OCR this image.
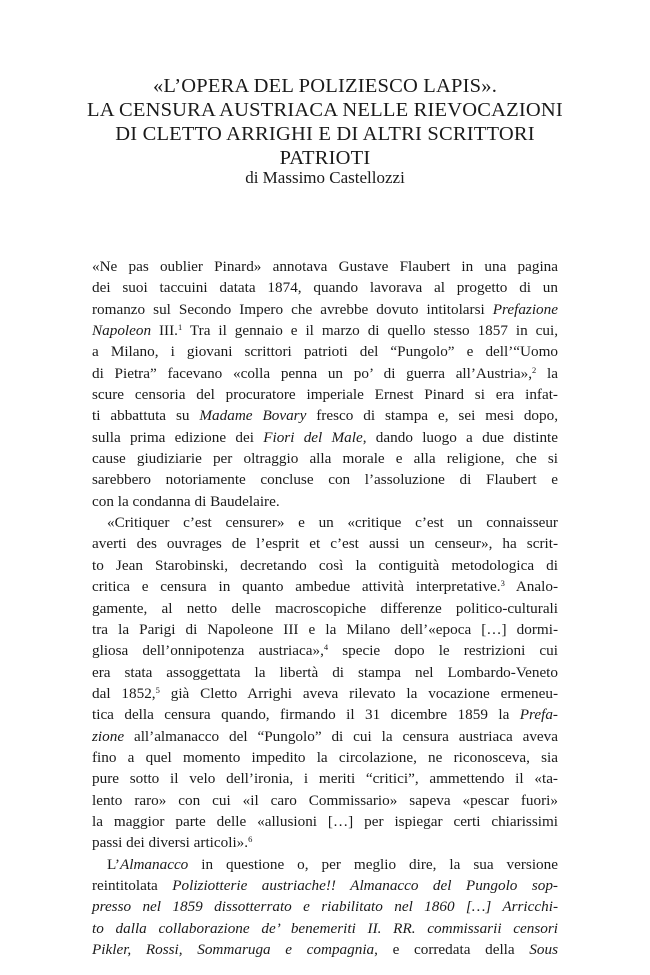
«L’OPERA DEL POLIZIESCO LAPIS».
LA CENSURA AUSTRIACA NELLE RIEVOCAZIONI
DI CLETTO ARRIGHI E DI ALTRI SCRITTORI
PATRIOTI
di Massimo Castellozzi
«Ne pas oublier Pinard» annotava Gustave Flaubert in una pagina
dei suoi taccuini datata 1874, quando lavorava al progetto di un
romanzo sul Secondo Impero che avrebbe dovuto intitolarsi Prefazione
Napoleon III.$^1$ Tra il gennaio e il marzo di quello stesso 1857 in cui,
a Milano, i giovani scrittori patrioti del “Pungolo” e dell’“Uomo
di Pietra” facevano «colla penna un po’ di guerra all’Austria»,$^2$ la
scure censoria del procuratore imperiale Ernest Pinard si era infat-
ti abbattuta su Madame Bovary fresco di stampa e, sei mesi dopo,
sulla prima edizione dei Fiori del Male, dando luogo a due distinte
cause giudiziarie per oltraggio alla morale e alla religione, che si
sarebbero notoriamente concluse con l’assoluzione di Flaubert e
con la condanna di Baudelaire.
«Critiquer c’est censurer» e un «critique c’est un connaisseur
averti des ouvrages de l’esprit et c’est aussi un censeur», ha scrit-
to Jean Starobinski, decretando così la contiguità metodologica di
critica e censura in quanto ambedue attività interpretative.$^3$ Analo-
gamente, al netto delle macroscopiche differenze politico-culturali
tra la Parigi di Napoleone III e la Milano dell’«epoca […] dormi-
gliosa dell’onnipotenza austriaca»,$^4$ specie dopo le restrizioni cui
era stata assoggettata la libertà di stampa nel Lombardo-Veneto
dal 1852,$^5$ già Cletto Arrighi aveva rilevato la vocazione ermeneu-
tica della censura quando, firmando il 31 dicembre 1859 la Prefa-
zione all’almanacco del “Pungolo” di cui la censura austriaca aveva
fino a quel momento impedito la circolazione, ne riconosceva, sia
pure sotto il velo dell’ironia, i meriti “critici”, ammettendo il «ta-
lento raro» con cui «il caro Commissario» sapeva «pescar fuori»
la maggior parte delle «allusioni […] per ispiegar certi chiarissimi
passi dei diversi articoli».$^6$
L’Almanacco in questione o, per meglio dire, la sua versione
reintitolata Poliziotterie austriache!! Almanacco del Pungolo sop-
presso nel 1859 dissotterrato e riabilitato nel 1860 […] Arricchi-
to dalla collaborazione de’ benemeriti II. RR. commissarii censori
Pikler, Rossi, Sommaruga e compagnia, e corredata della Sous
